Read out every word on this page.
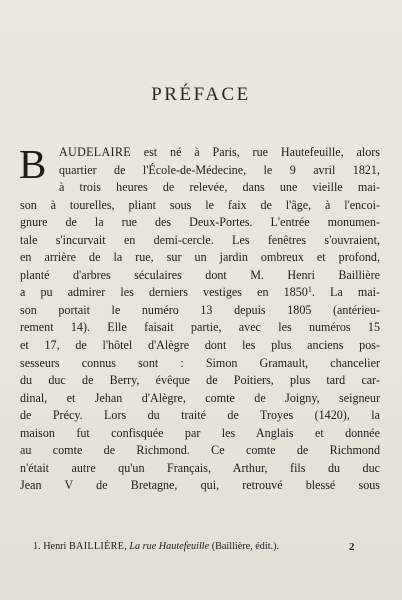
PRÉFACE
B	AUDELAIRE est né à Paris, rue Hautefeuille, alors
quartier de l'École-de-Médecine, le 9 avril 1821,
à trois heures de relevée, dans une vieille mai-
son à tourelles, pliant sous le faix de l'âge, à l'encoi-
gnure de la rue des Deux-Portes. L'entrée monumen-
tale s'incurvait en demi-cercle. Les fenêtres s'ouvraient,
en arrière de la rue, sur un jardin ombreux et profond,
planté d'arbres séculaires dont M. Henri Baillière
a pu admirer les derniers vestiges en 1850$^1$. La mai-
son portait le numéro 13 depuis 1805 (antérieu-
rement 14). Elle faisait partie, avec les numéros 15
et 17, de l'hôtel d'Alègre dont les plus anciens pos-
sesseurs connus sont : Simon Gramault, chancelier
du duc de Berry, évêque de Poitiers, plus tard car-
dinal, et Jehan d'Alègre, comte de Joigny, seigneur
de Précy. Lors du traité de Troyes (1420), la
maison fut confisquée par les Anglais et donnée
au comte de Richmond. Ce comte de Richmond
n'était autre qu'un Français, Arthur, fils du duc
Jean V de Bretagne, qui, retrouvé blessé sous
1. Henri BAILLIÈRE, La rue Hautefeuille (Baillière, édit.).	2
